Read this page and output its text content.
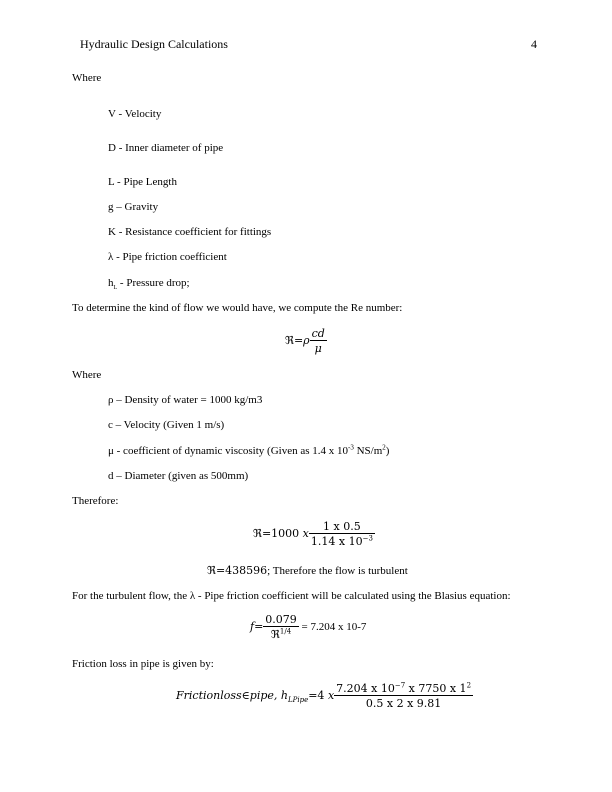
Hydraulic Design Calculations	4
Where
V - Velocity
D - Inner diameter of pipe
L - Pipe Length
g – Gravity
K - Resistance coefficient for fittings
λ - Pipe friction coefficient
$h_L$ - Pressure drop;
To determine the kind of flow we would have, we compute the Re number:
ℜ=ρ $\frac{cd}{\mu}$
Where
ρ – Density of water = 1000 kg/m3
c – Velocity (Given 1 m/s)
μ - coefficient of dynamic viscosity (Given as 1.4 x $10^{-3}$ $NS/m^2$)
d – Diameter (given as 500mm)
Therefore:
ℜ=1000 x $\frac{1 x 0.5}{1.14 x 10^{-3}}$
ℜ=438596; Therefore the flow is turbulent
For the turbulent flow, the λ - Pipe friction coefficient will be calculated using the Blasius equation:
$f= \frac{0.079}{ℜ^{1/4}} = 7.204$ x 10-7
Friction loss in pipe is given by:
Frictionloss∈pipe, $h_{LPipe}=4$ x $\frac{7.204 x 10^{-7} x 7750 x 1^2}{0.5 x 2 x 9.81}$
